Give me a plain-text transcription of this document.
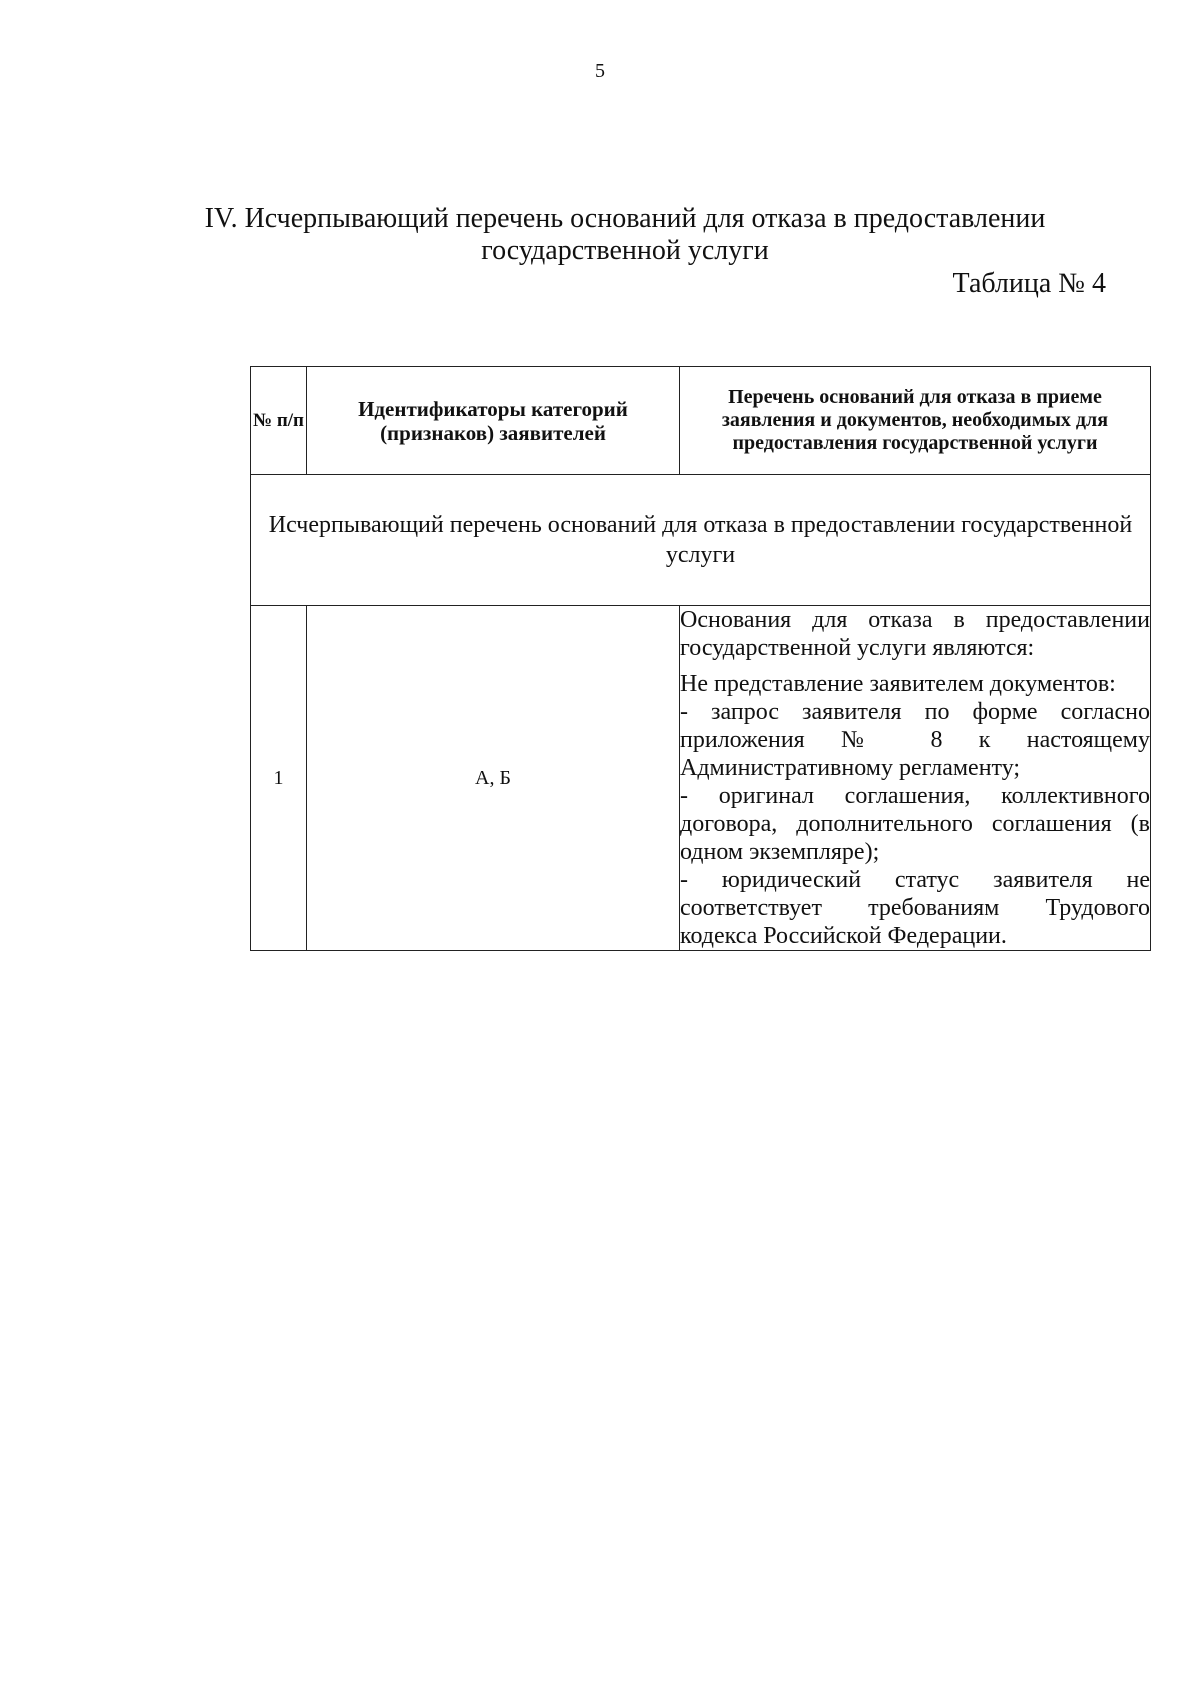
5
IV. Исчерпывающий перечень оснований для отказа в предоставлении
государственной услуги
Таблица № 4
№ п/п	Идентификаторы категорий (признаков) заявителей	Перечень оснований для отказа в приеме заявления и документов, необходимых для предоставления государственной услуги
Исчерпывающий перечень оснований для отказа в предоставлении государственной услуги		
1	А, Б	Основания для отказа в предоставлении государственной услуги являются:

Не представление заявителем документов:
- запрос заявителя по форме согласно приложения № 8 к настоящему Административному регламенту;
- оригинал соглашения, коллективного договора, дополнительного соглашения (в одном экземпляре);
- юридический статус заявителя не соответствует требованиям Трудового кодекса Российской Федерации.
